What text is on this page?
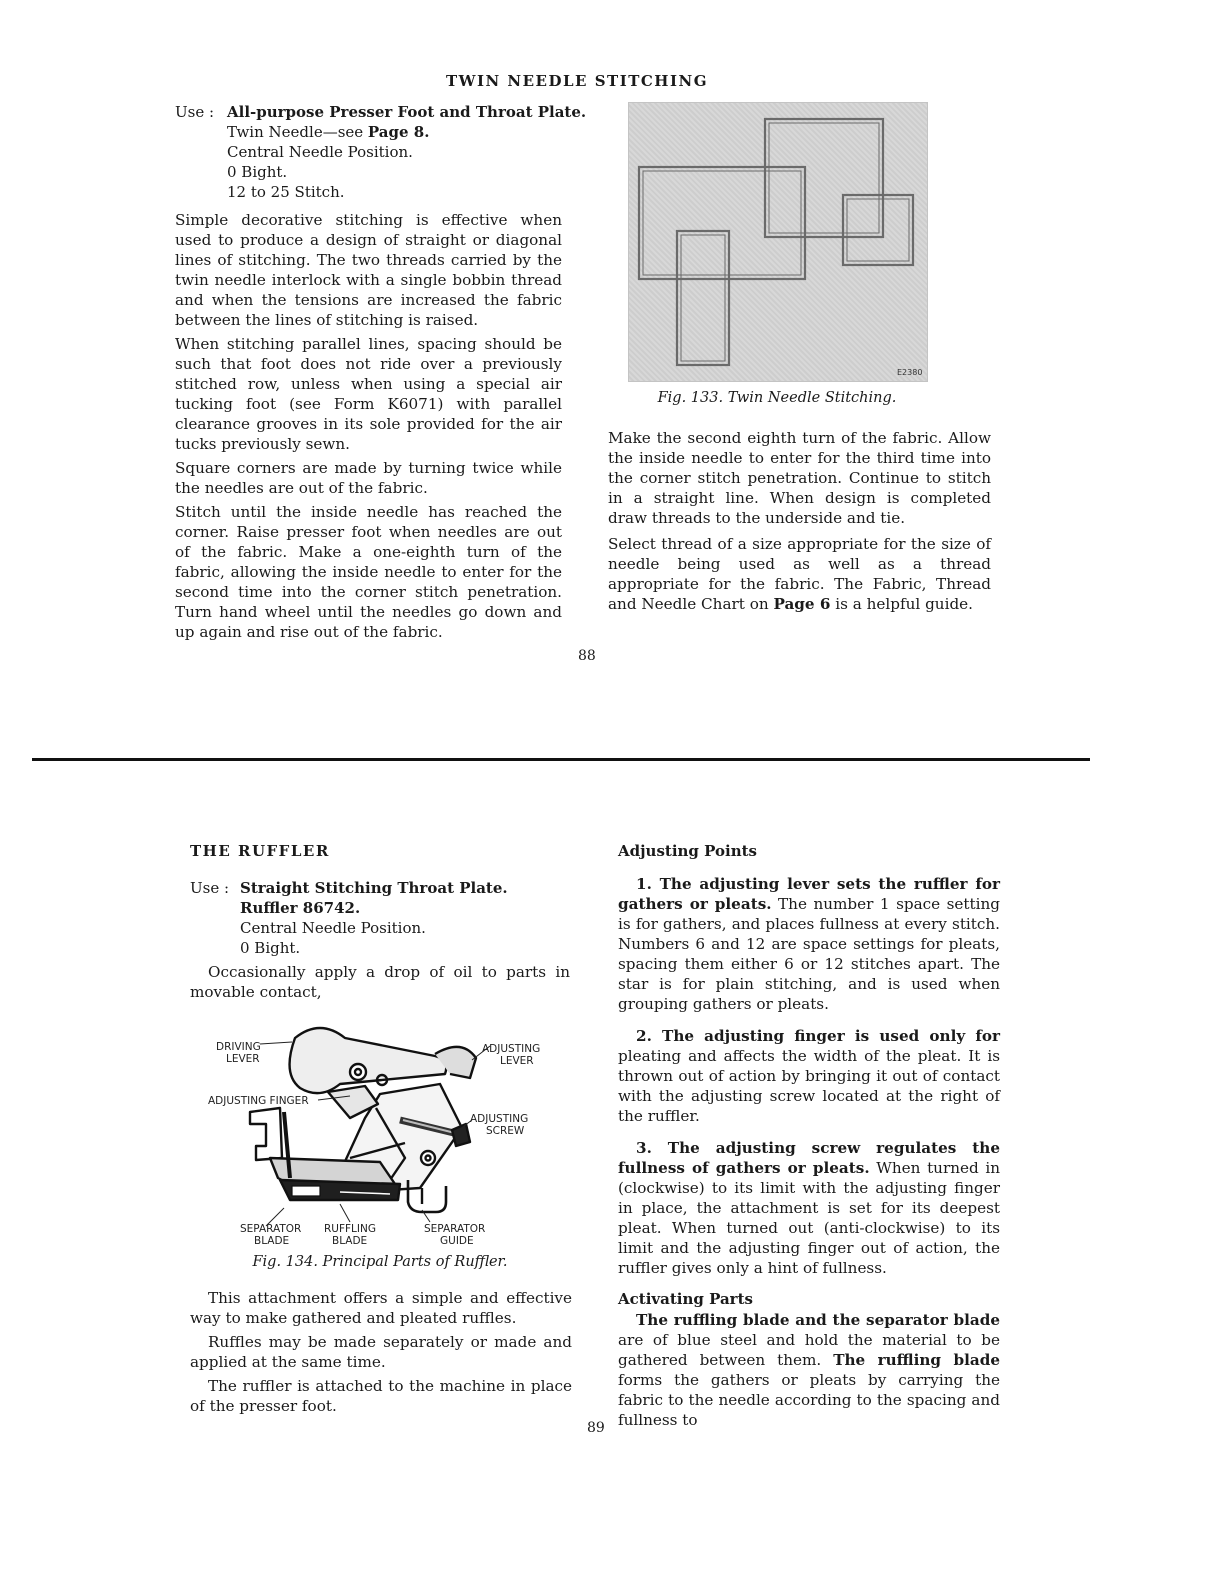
TWIN NEEDLE STITCHING
Use : All-purpose Presser Foot and Throat Plate.
Twin Needle—see Page 8.
Central Needle Position.
0 Bight.
12 to 25 Stitch.

Simple decorative stitching is effective when used to produce a design of straight or diagonal lines of stitching. The two threads carried by the twin needle interlock with a single bobbin thread and when the tensions are increased the fabric between the lines of stitching is raised.

When stitching parallel lines, spacing should be such that foot does not ride over a previously stitched row, unless when using a special air tucking foot (see Form K6071) with parallel clearance grooves in its sole provided for the air tucks previously sewn.

Square corners are made by turning twice while the needles are out of the fabric.

Stitch until the inside needle has reached the corner. Raise presser foot when needles are out of the fabric. Make a one-eighth turn of the fabric, allowing the inside needle to enter for the second time into the corner stitch penetration. Turn hand wheel until the needles go down and up again and rise out of the fabric.

E2380
Fig. 133. Twin Needle Stitching.

Make the second eighth turn of the fabric. Allow the inside needle to enter for the third time into the corner stitch penetration. Continue to stitch in a straight line. When design is completed draw threads to the underside and tie.

Select thread of a size appropriate for the size of needle being used as well as a thread appropriate for the fabric. The Fabric, Thread and Needle Chart on Page 6 is a helpful guide.

88
THE RUFFLER
Use : Straight Stitching Throat Plate.
Ruffler 86742.
Central Needle Position.
0 Bight.

Occasionally apply a drop of oil to parts in movable contact,

DRIVING
LEVER
ADJUSTING
LEVER
ADJUSTING FINGER
ADJUSTING
SCREW
SEPARATOR
BLADE
RUFFLING
BLADE
SEPARATOR
GUIDE
Fig. 134. Principal Parts of Ruffler.

This attachment offers a simple and effective way to make gathered and pleated ruffles.

Ruffles may be made separately or made and applied at the same time.

The ruffler is attached to the machine in place of the presser foot.

Adjusting Points

1. The adjusting lever sets the ruffler for gathers or pleats. The number 1 space setting is for gathers, and places fullness at every stitch. Numbers 6 and 12 are space settings for pleats, spacing them either 6 or 12 stitches apart. The star is for plain stitching, and is used when grouping gathers or pleats.

2. The adjusting finger is used only for pleating and affects the width of the pleat. It is thrown out of action by bringing it out of contact with the adjusting screw located at the right of the ruffler.

3. The adjusting screw regulates the fullness of gathers or pleats. When turned in (clockwise) to its limit with the adjusting finger in place, the attachment is set for its deepest pleat. When turned out (anti-clockwise) to its limit and the adjusting finger out of action, the ruffler gives only a hint of fullness.

Activating Parts

The ruffling blade and the separator blade are of blue steel and hold the material to be gathered between them. The ruffling blade forms the gathers or pleats by carrying the fabric to the needle according to the spacing and fullness to

89
